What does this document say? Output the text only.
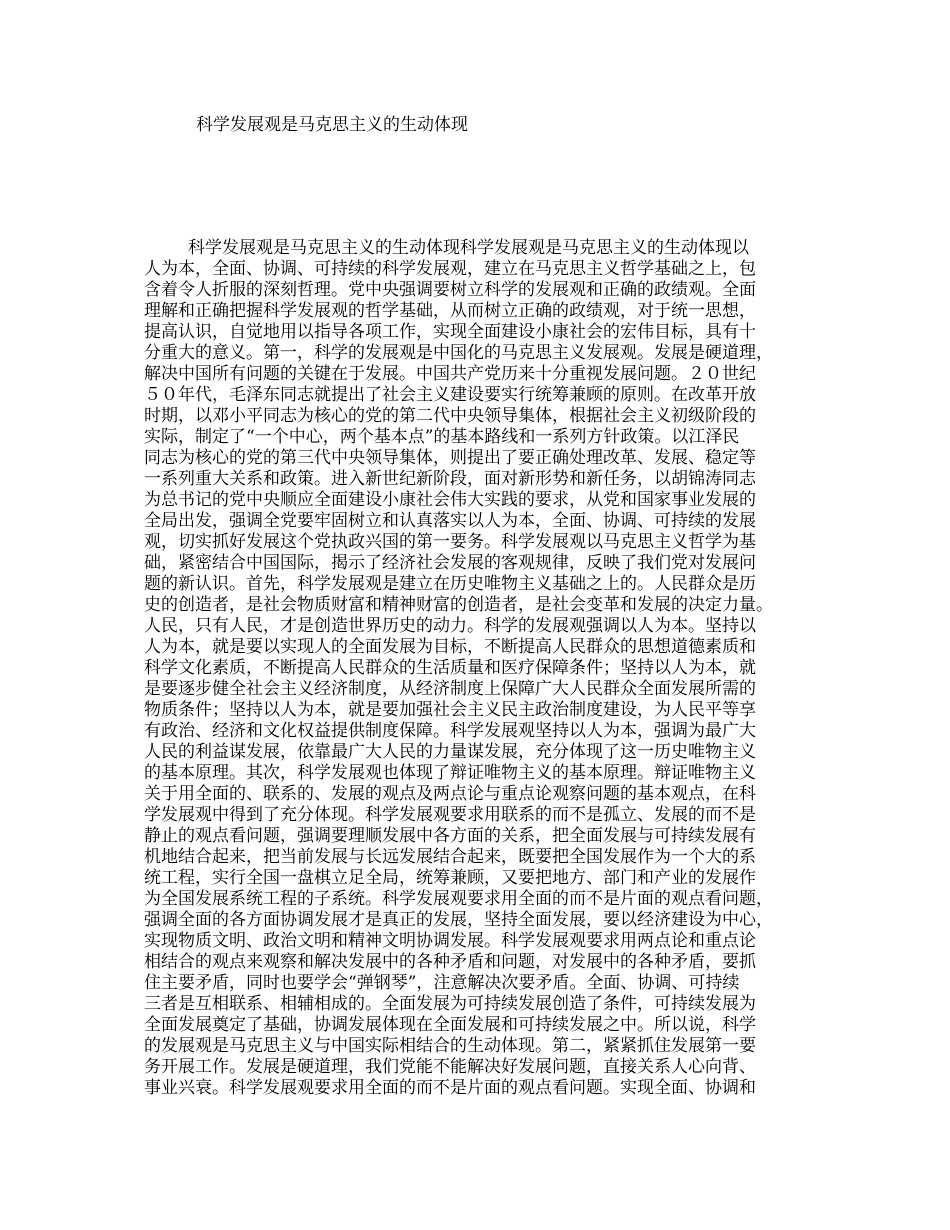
科学发展观是马克思主义的生动体现
科学发展观是马克思主义的生动体现科学发展观是马克思主义的生动体现以
人为本，全面、协调、可持续的科学发展观，建立在马克思主义哲学基础之上，包
含着令人折服的深刻哲理。党中央强调要树立科学的发展观和正确的政绩观。全面
理解和正确把握科学发展观的哲学基础，从而树立正确的政绩观，对于统一思想，
提高认识，自觉地用以指导各项工作，实现全面建设小康社会的宏伟目标，具有十
分重大的意义。第一，科学的发展观是中国化的马克思主义发展观。发展是硬道理，
解决中国所有问题的关键在于发展。中国共产党历来十分重视发展问题。２０世纪
５０年代，毛泽东同志就提出了社会主义建设要实行统筹兼顾的原则。在改革开放
时期，以邓小平同志为核心的党的第二代中央领导集体，根据社会主义初级阶段的
实际，制定了“一个中心，两个基本点”的基本路线和一系列方针政策。以江泽民
同志为核心的党的第三代中央领导集体，则提出了要正确处理改革、发展、稳定等
一系列重大关系和政策。进入新世纪新阶段，面对新形势和新任务，以胡锦涛同志
为总书记的党中央顺应全面建设小康社会伟大实践的要求，从党和国家事业发展的
全局出发，强调全党要牢固树立和认真落实以人为本，全面、协调、可持续的发展
观，切实抓好发展这个党执政兴国的第一要务。科学发展观以马克思主义哲学为基
础，紧密结合中国国际，揭示了经济社会发展的客观规律，反映了我们党对发展问
题的新认识。首先，科学发展观是建立在历史唯物主义基础之上的。人民群众是历
史的创造者，是社会物质财富和精神财富的创造者，是社会变革和发展的决定力量。
人民，只有人民，才是创造世界历史的动力。科学的发展观强调以人为本。坚持以
人为本，就是要以实现人的全面发展为目标，不断提高人民群众的思想道德素质和
科学文化素质，不断提高人民群众的生活质量和医疗保障条件；坚持以人为本，就
是要逐步健全社会主义经济制度，从经济制度上保障广大人民群众全面发展所需的
物质条件；坚持以人为本，就是要加强社会主义民主政治制度建设，为人民平等享
有政治、经济和文化权益提供制度保障。科学发展观坚持以人为本，强调为最广大
人民的利益谋发展，依靠最广大人民的力量谋发展，充分体现了这一历史唯物主义
的基本原理。其次，科学发展观也体现了辩证唯物主义的基本原理。辩证唯物主义
关于用全面的、联系的、发展的观点及两点论与重点论观察问题的基本观点，在科
学发展观中得到了充分体现。科学发展观要求用联系的而不是孤立、发展的而不是
静止的观点看问题，强调要理顺发展中各方面的关系，把全面发展与可持续发展有
机地结合起来，把当前发展与长远发展结合起来，既要把全国发展作为一个大的系
统工程，实行全国一盘棋立足全局，统筹兼顾，又要把地方、部门和产业的发展作
为全国发展系统工程的子系统。科学发展观要求用全面的而不是片面的观点看问题，
强调全面的各方面协调发展才是真正的发展，坚持全面发展，要以经济建设为中心，
实现物质文明、政治文明和精神文明协调发展。科学发展观要求用两点论和重点论
相结合的观点来观察和解决发展中的各种矛盾和问题，对发展中的各种矛盾，要抓
住主要矛盾，同时也要学会“弹钢琴”，注意解决次要矛盾。全面、协调、可持续
三者是互相联系、相辅相成的。全面发展为可持续发展创造了条件，可持续发展为
全面发展奠定了基础，协调发展体现在全面发展和可持续发展之中。所以说，科学
的发展观是马克思主义与中国实际相结合的生动体现。第二，紧紧抓住发展第一要
务开展工作。发展是硬道理，我们党能不能解决好发展问题，直接关系人心向背、
事业兴衰。科学发展观要求用全面的而不是片面的观点看问题。实现全面、协调和
